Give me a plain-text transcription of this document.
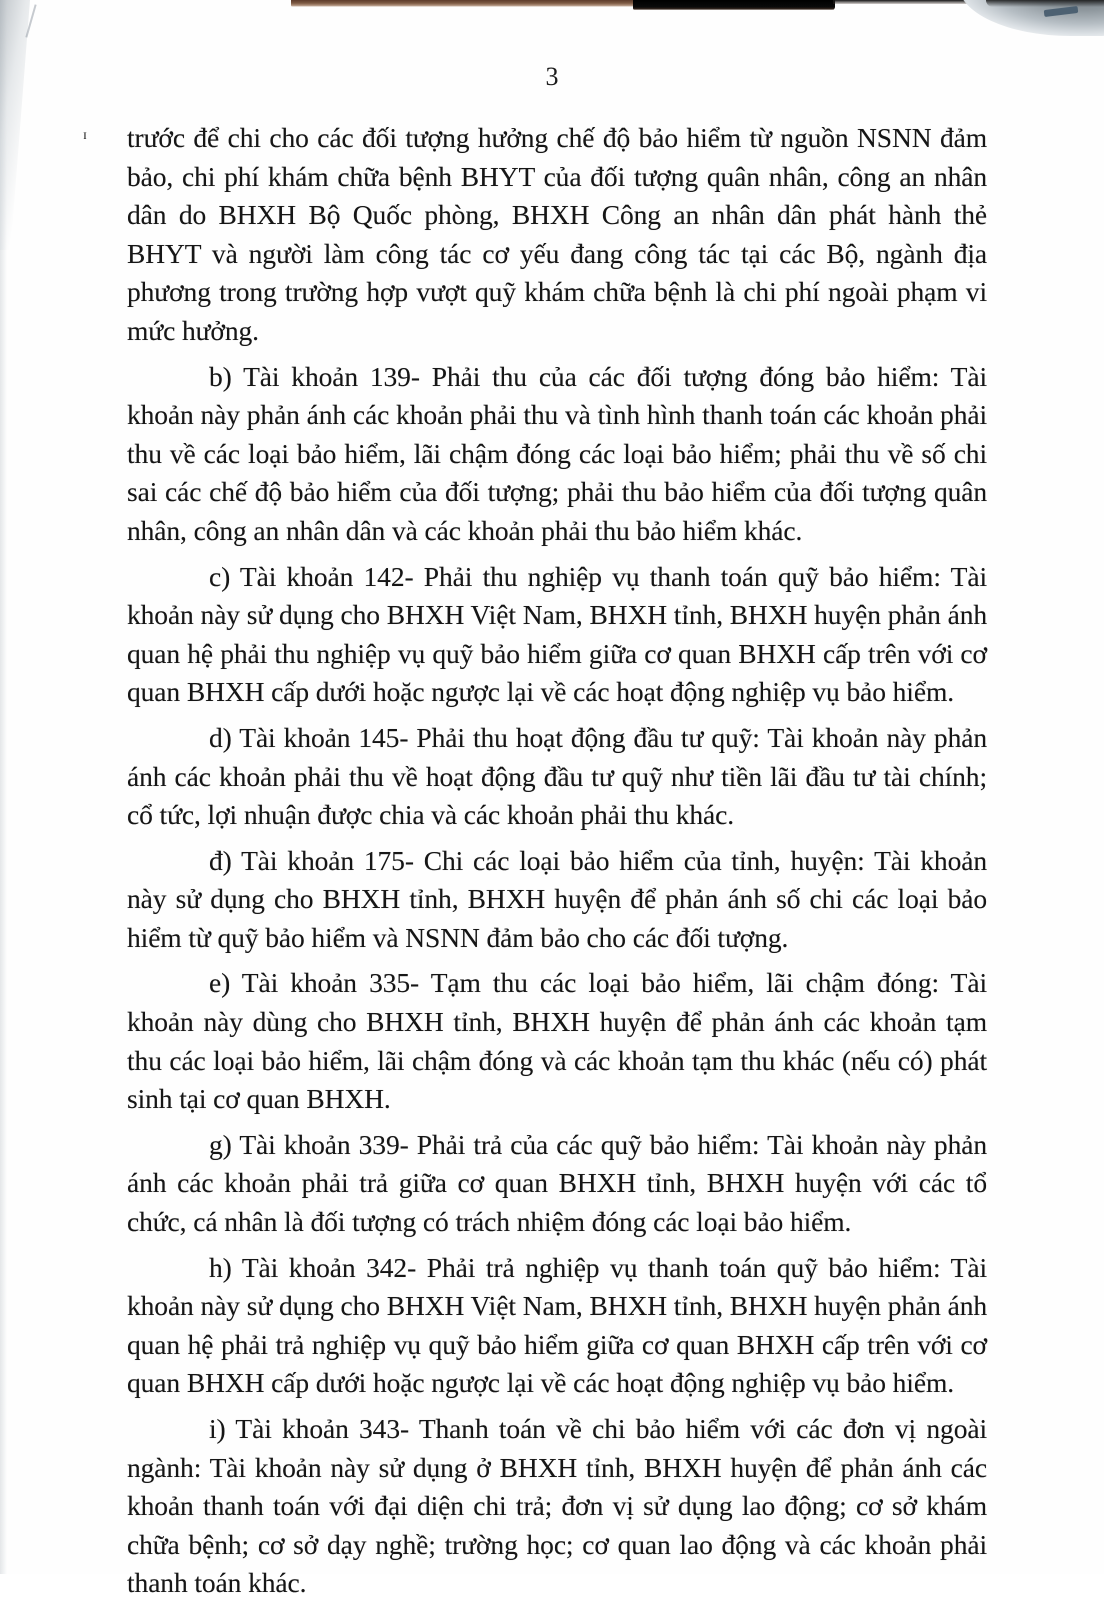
3
ɪ trước để chi cho các đối tượng hưởng chế độ bảo hiểm từ nguồn NSNN đảm bảo, chi phí khám chữa bệnh BHYT của đối tượng quân nhân, công an nhân dân do BHXH Bộ Quốc phòng, BHXH Công an nhân dân phát hành thẻ BHYT và người làm công tác cơ yếu đang công tác tại các Bộ, ngành địa phương trong trường hợp vượt quỹ khám chữa bệnh là chi phí ngoài phạm vi mức hưởng.

b) Tài khoản 139- Phải thu của các đối tượng đóng bảo hiểm: Tài khoản này phản ánh các khoản phải thu và tình hình thanh toán các khoản phải thu về các loại bảo hiểm, lãi chậm đóng các loại bảo hiểm; phải thu về số chi sai các chế độ bảo hiểm của đối tượng; phải thu bảo hiểm của đối tượng quân nhân, công an nhân dân và các khoản phải thu bảo hiểm khác.

c) Tài khoản 142- Phải thu nghiệp vụ thanh toán quỹ bảo hiểm: Tài khoản này sử dụng cho BHXH Việt Nam, BHXH tỉnh, BHXH huyện phản ánh quan hệ phải thu nghiệp vụ quỹ bảo hiểm giữa cơ quan BHXH cấp trên với cơ quan BHXH cấp dưới hoặc ngược lại về các hoạt động nghiệp vụ bảo hiểm.

d) Tài khoản 145- Phải thu hoạt động đầu tư quỹ: Tài khoản này phản ánh các khoản phải thu về hoạt động đầu tư quỹ như tiền lãi đầu tư tài chính; cổ tức, lợi nhuận được chia và các khoản phải thu khác.

đ) Tài khoản 175- Chi các loại bảo hiểm của tỉnh, huyện: Tài khoản này sử dụng cho BHXH tỉnh, BHXH huyện để phản ánh số chi các loại bảo hiểm từ quỹ bảo hiểm và NSNN đảm bảo cho các đối tượng.

e) Tài khoản 335- Tạm thu các loại bảo hiểm, lãi chậm đóng: Tài khoản này dùng cho BHXH tỉnh, BHXH huyện để phản ánh các khoản tạm thu các loại bảo hiểm, lãi chậm đóng và các khoản tạm thu khác (nếu có) phát sinh tại cơ quan BHXH.

g) Tài khoản 339- Phải trả của các quỹ bảo hiểm: Tài khoản này phản ánh các khoản phải trả giữa cơ quan BHXH tỉnh, BHXH huyện với các tổ chức, cá nhân là đối tượng có trách nhiệm đóng các loại bảo hiểm.

h) Tài khoản 342- Phải trả nghiệp vụ thanh toán quỹ bảo hiểm: Tài khoản này sử dụng cho BHXH Việt Nam, BHXH tỉnh, BHXH huyện phản ánh quan hệ phải trả nghiệp vụ quỹ bảo hiểm giữa cơ quan BHXH cấp trên với cơ quan BHXH cấp dưới hoặc ngược lại về các hoạt động nghiệp vụ bảo hiểm.

i) Tài khoản 343- Thanh toán về chi bảo hiểm với các đơn vị ngoài ngành: Tài khoản này sử dụng ở BHXH tỉnh, BHXH huyện để phản ánh các khoản thanh toán với đại diện chi trả; đơn vị sử dụng lao động; cơ sở khám chữa bệnh; cơ sở dạy nghề; trường học; cơ quan lao động và các khoản phải thanh toán khác.
